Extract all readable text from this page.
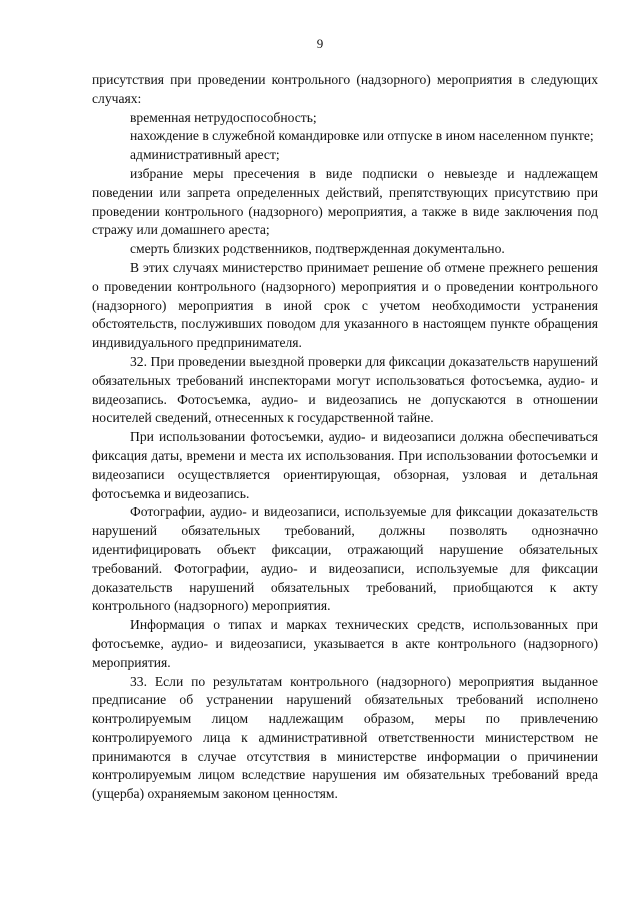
9

присутствия при проведении контрольного (надзорного) мероприятия в следующих случаях:

временная нетрудоспособность;

нахождение в служебной командировке или отпуске в ином населенном пункте;

административный арест;

избрание меры пресечения в виде подписки о невыезде и надлежащем поведении или запрета определенных действий, препятствующих присутствию при проведении контрольного (надзорного) мероприятия, а также в виде заключения под стражу или домашнего ареста;

смерть близких родственников, подтвержденная документально.

В этих случаях министерство принимает решение об отмене прежнего решения о проведении контрольного (надзорного) мероприятия и о проведении контрольного (надзорного) мероприятия в иной срок с учетом необходимости устранения обстоятельств, послуживших поводом для указанного в настоящем пункте обращения индивидуального предпринимателя.

32. При проведении выездной проверки для фиксации доказательств нарушений обязательных требований инспекторами могут использоваться фотосъемка, аудио- и видеозапись. Фотосъемка, аудио- и видеозапись не допускаются в отношении носителей сведений, отнесенных к государственной тайне.

При использовании фотосъемки, аудио- и видеозаписи должна обеспечиваться фиксация даты, времени и места их использования. При использовании фотосъемки и видеозаписи осуществляется ориентирующая, обзорная, узловая и детальная фотосъемка и видеозапись.

Фотографии, аудио- и видеозаписи, используемые для фиксации доказательств нарушений обязательных требований, должны позволять однозначно идентифицировать объект фиксации, отражающий нарушение обязательных требований. Фотографии, аудио- и видеозаписи, используемые для фиксации доказательств нарушений обязательных требований, приобщаются к акту контрольного (надзорного) мероприятия.

Информация о типах и марках технических средств, использованных при фотосъемке, аудио- и видеозаписи, указывается в акте контрольного (надзорного) мероприятия.

33. Если по результатам контрольного (надзорного) мероприятия выданное предписание об устранении нарушений обязательных требований исполнено контролируемым лицом надлежащим образом, меры по привлечению контролируемого лица к административной ответственности министерством не принимаются в случае отсутствия в министерстве информации о причинении контролируемым лицом вследствие нарушения им обязательных требований вреда (ущерба) охраняемым законом ценностям.
